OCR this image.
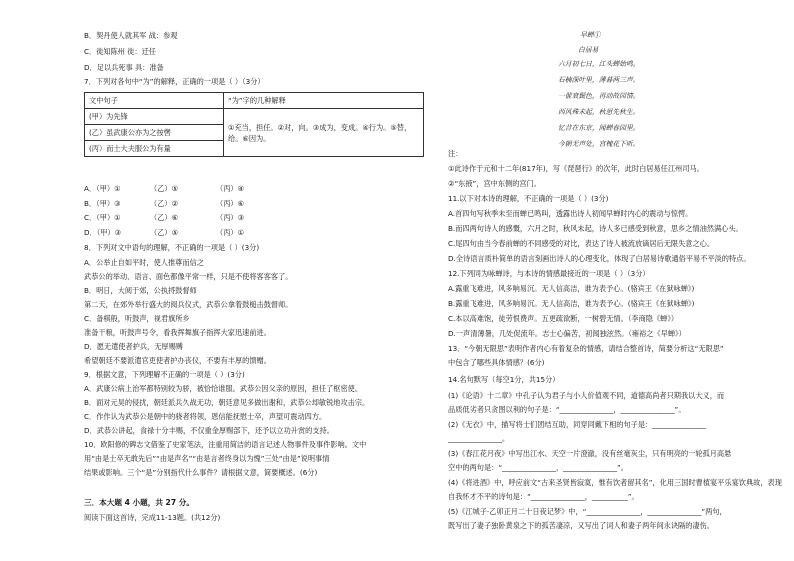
文中句子	“为”字的几种解释
(甲）为先锋	①充当，担任。②对，向。③成为，变成。④行为。⑤替，给。⑥因为。
(乙）虽武康公亦为之按辔	
(丙）而士大夫服公为有量	
三．本大题 4 小题，共 27 分。
阅读下面这首诗，完成11-13题。(共12分)
B．契丹使人就其军 战：参观
C．徙知陈州 徙：迁任
D．足以兵死事 具：准备
7．下列对各句中“为”的解释，正确的一项是（ ）（3分）
A．（甲）①	（乙）⑤	（丙）④
B．（甲）③	（乙）②	（丙）⑥
C．（甲）①	（乙）⑥	（丙）③
D．（甲）③	（乙）⑤	（丙）①
8．下列对文中语句的理解，不正确的一项是（ ）(3分)
A．公举止自如平时，使人推尊而信之
武恭公的举动、语言、面色都像平常一样，只是不使将客客客了。
B．明日，大阅于郊，公执捋鼓督师
第二天，在郊外举行盛大的阅兵仪式，武恭公拿着鼓槌击鼓督师。
C．备棋般，听鼓声，视君旗所乡
准备干粮，听鼓声号令，看我挥舞旗子指挥大家迅速前进。
D．愿无遣使者护兵，无厚赐赙
希望朝廷不要派遣官吏使者护办丧仪，不要有丰厚的馈赠。
9．根据文意，下列理解不正确的一项是（ ）(3分)
A．武康公病上治军都特别较为骄，被恰恰谁服。武恭公因父亲的原因，担任了枢密使。
B．面对元昊的侵扰，朝廷派兵久战无功，朝廷意见多做出谢和，武恭公却敏锐地攻击宗。
C．作作认为武恭公是朝中的骁者将领，恩信能抚慰士卒，声望可震动四方。
D．武恭公讲起，食禄十分丰赐，不仅重金厚赐部下，还予以立功升赏的支持。
10．欧阳修的碑志文借鉴了史家笔法，注重用简洁的语言记述人物事件及事件影响。文中
用“由是士卒无敢先后”“由是声名”“由是言者终身以为愧”三处“由是”说明事情
结果或影响。三个“是”分别指代什么事件？请根据文意，简要概述。(6分)
早蝉①
白居易
六月初七日，江头蝉始鸣。
石楠深叶里，薄暮两三声。
一催衰鬓色，再动故园情。
西风殊未起，秋思先秋生。
忆昔在东京，闻蝉春园里。
今朝无声处，宫槐花下听。
注：
①此诗作于元和十二年(817年)，写《琵琶行》的次年，此时白居易任江州司马。
②“东掖”，宫中东侧的宫门。
11.以下对本诗的理解，不正确的一项是（ ）(3分)
A.首四句写秋季未至而蝉已鸣叫，透露出诗人初闻早蝉时内心的震动与惊愕。
B.而四两句诗人的感慨，六月之时，秋风未起，诗人多已感受到秋意，思乡之情油然满心头。
C.尾四句由当今春前蝉的不同感受的对比，表达了诗人被流放谪居后无限失意之心。
D.全诗语言质朴简单的语言刻画出诗人的心理变化，体现了白居易诗歌通俗平易不平淡的特点。
12.下列同为咏蝉诗，与本诗的情感最接近的一项是（ ）（3分）
A.露重飞难进，风多响易沉。无人信高洁，谁为表予心。(骆宾王《在狱咏蝉》)
B.露重飞难进，风多响易沉。无人信高洁，谁为表予心。(骆宾王《在狱咏蝉》)
C.本以高难饱，徒劳恨费声。五更疏欲断，一树碧无情。（李商隐《蝉》）
D.一声清薄暑，几处促流年。志士心偏苦，初闻独泫然。（雍裕之《早蝉》）
13．“今朝无限思”表明作者内心有着复杂的情感，请结合整首诗，简要分析这“无限思”
中包含了哪些具体情感？(6分)
14.名句默写（每空1分，共15分）
(1)《论语》十二章》中孔子认为君子与小人价值观不同，道德高尚者只期我以大义，而
品质低劣者只贪图以利的句子是：“_______________，_______________”。
(2)《无衣》中，描写将士们团结互助，同穿同戴下相的句子是：_______________
_______________。
(3)《春江花月夜》中写出江水、天空一片澄澈，没有丝毫灰尘，只有明亮的一轮孤月高悬
空中的两句是：“_______________，_______________”。
(4)《将进酒》中，呼应前文“古来圣贤皆寂寞，惟有饮者留其名”，化用三国时曹植宴平乐宴饮典故，表现
自我怀才不平的诗句是：“_______________，__________”。
(5)《江城子·乙卯正月二十日夜记梦》中，“_______________，_______________”两句，
既写出了妻子独卧黄泉之下的孤苦凄凉，又写出了词人和妻子两年间永诀隔的凄伤。
